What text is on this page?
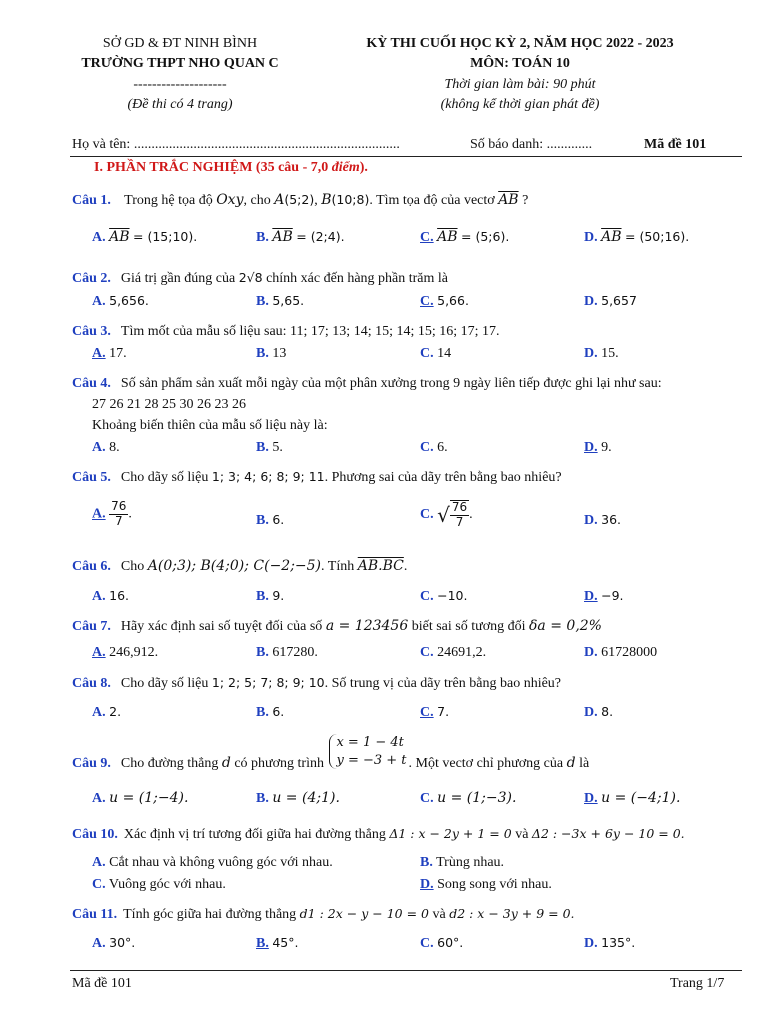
SỞ GD & ĐT NINH BÌNH
TRƯỜNG THPT NHO QUAN C
--------------------
(Đề thi có 4 trang)
KỲ THI CUỐI HỌC KỲ 2, NĂM HỌC 2022 - 2023
MÔN: TOÁN 10
Thời gian làm bài: 90 phút
(không kể thời gian phát đề)
Họ và tên: ............................................................................	Số báo danh: .............	Mã đề 101
I. PHẦN TRẮC NGHIỆM (35 câu - 7,0 điểm).
Câu 1. Trong hệ tọa độ Oxy, cho A(5;2), B(10;8). Tìm tọa độ của vectơ $\overline{AB}$ ?
A. $\overline{AB}$ = (15;10).	B. $\overline{AB}$ = (2;4).	C. $\overline{AB}$ = (5;6).	D. $\overline{AB}$ = (50;16).
Câu 2. Giá trị gần đúng của 2√8 chính xác đến hàng phần trăm là
A. 5,656.	B. 5,65.	C. 5,66.	D. 5,657
Câu 3. Tìm mốt của mẫu số liệu sau: 11; 17; 13; 14; 15; 14; 15; 16; 17; 17.
A. 17.	B. 13	C. 14	D. 15.
Câu 4. Số sản phẩm sản xuất mỗi ngày của một phân xưởng trong 9 ngày liên tiếp được ghi lại như sau:
27 26 21 28 25 30 26 23 26
Khoảng biến thiên của mẫu số liệu này là:
A. 8.	B. 5.	C. 6.	D. 9.
Câu 5. Cho dãy số liệu 1; 3; 4; 6; 8; 9; 11. Phương sai của dãy trên bằng bao nhiêu?
A. $\frac{76}{7}$ .	B. 6.	C. √ $\frac{76}{7}$ .	D. 36.
Câu 6. Cho A(0;3); B(4;0); C(−2;−5). Tính AB.BC.
A. 16.	B. 9.	C. −10.	D. −9.
Câu 7. Hãy xác định sai số tuyệt đối của số a = 123456 biết sai số tương đối δa = 0,2%
A. 246,912.	B. 617280.	C. 24691,2.	D. 61728000
Câu 8. Cho dãy số liệu 1; 2; 5; 7; 8; 9; 10. Số trung vị của dãy trên bằng bao nhiêu?
A. 2.	B. 6.	C. 7.	D. 8.
Câu 9. Cho đường thẳng d có phương trình x = 1 − 4t
y = −3 + t . Một vectơ chỉ phương của d là
A. u = (1;−4).	B. u = (4;1).	C. u = (1;−3).	D. u = (−4;1).
Câu 10. Xác định vị trí tương đối giữa hai đường thẳng Δ1 : x − 2y + 1 = 0 và Δ2 : −3x + 6y − 10 = 0.
A. Cắt nhau và không vuông góc với nhau.	B. Trùng nhau.
C. Vuông góc với nhau.	D. Song song với nhau.
Câu 11. Tính góc giữa hai đường thẳng d1 : 2x − y − 10 = 0 và d2 : x − 3y + 9 = 0.
A. 30°.	B. 45°.	C. 60°.	D. 135°.
Mã đề 101	Trang 1/7
